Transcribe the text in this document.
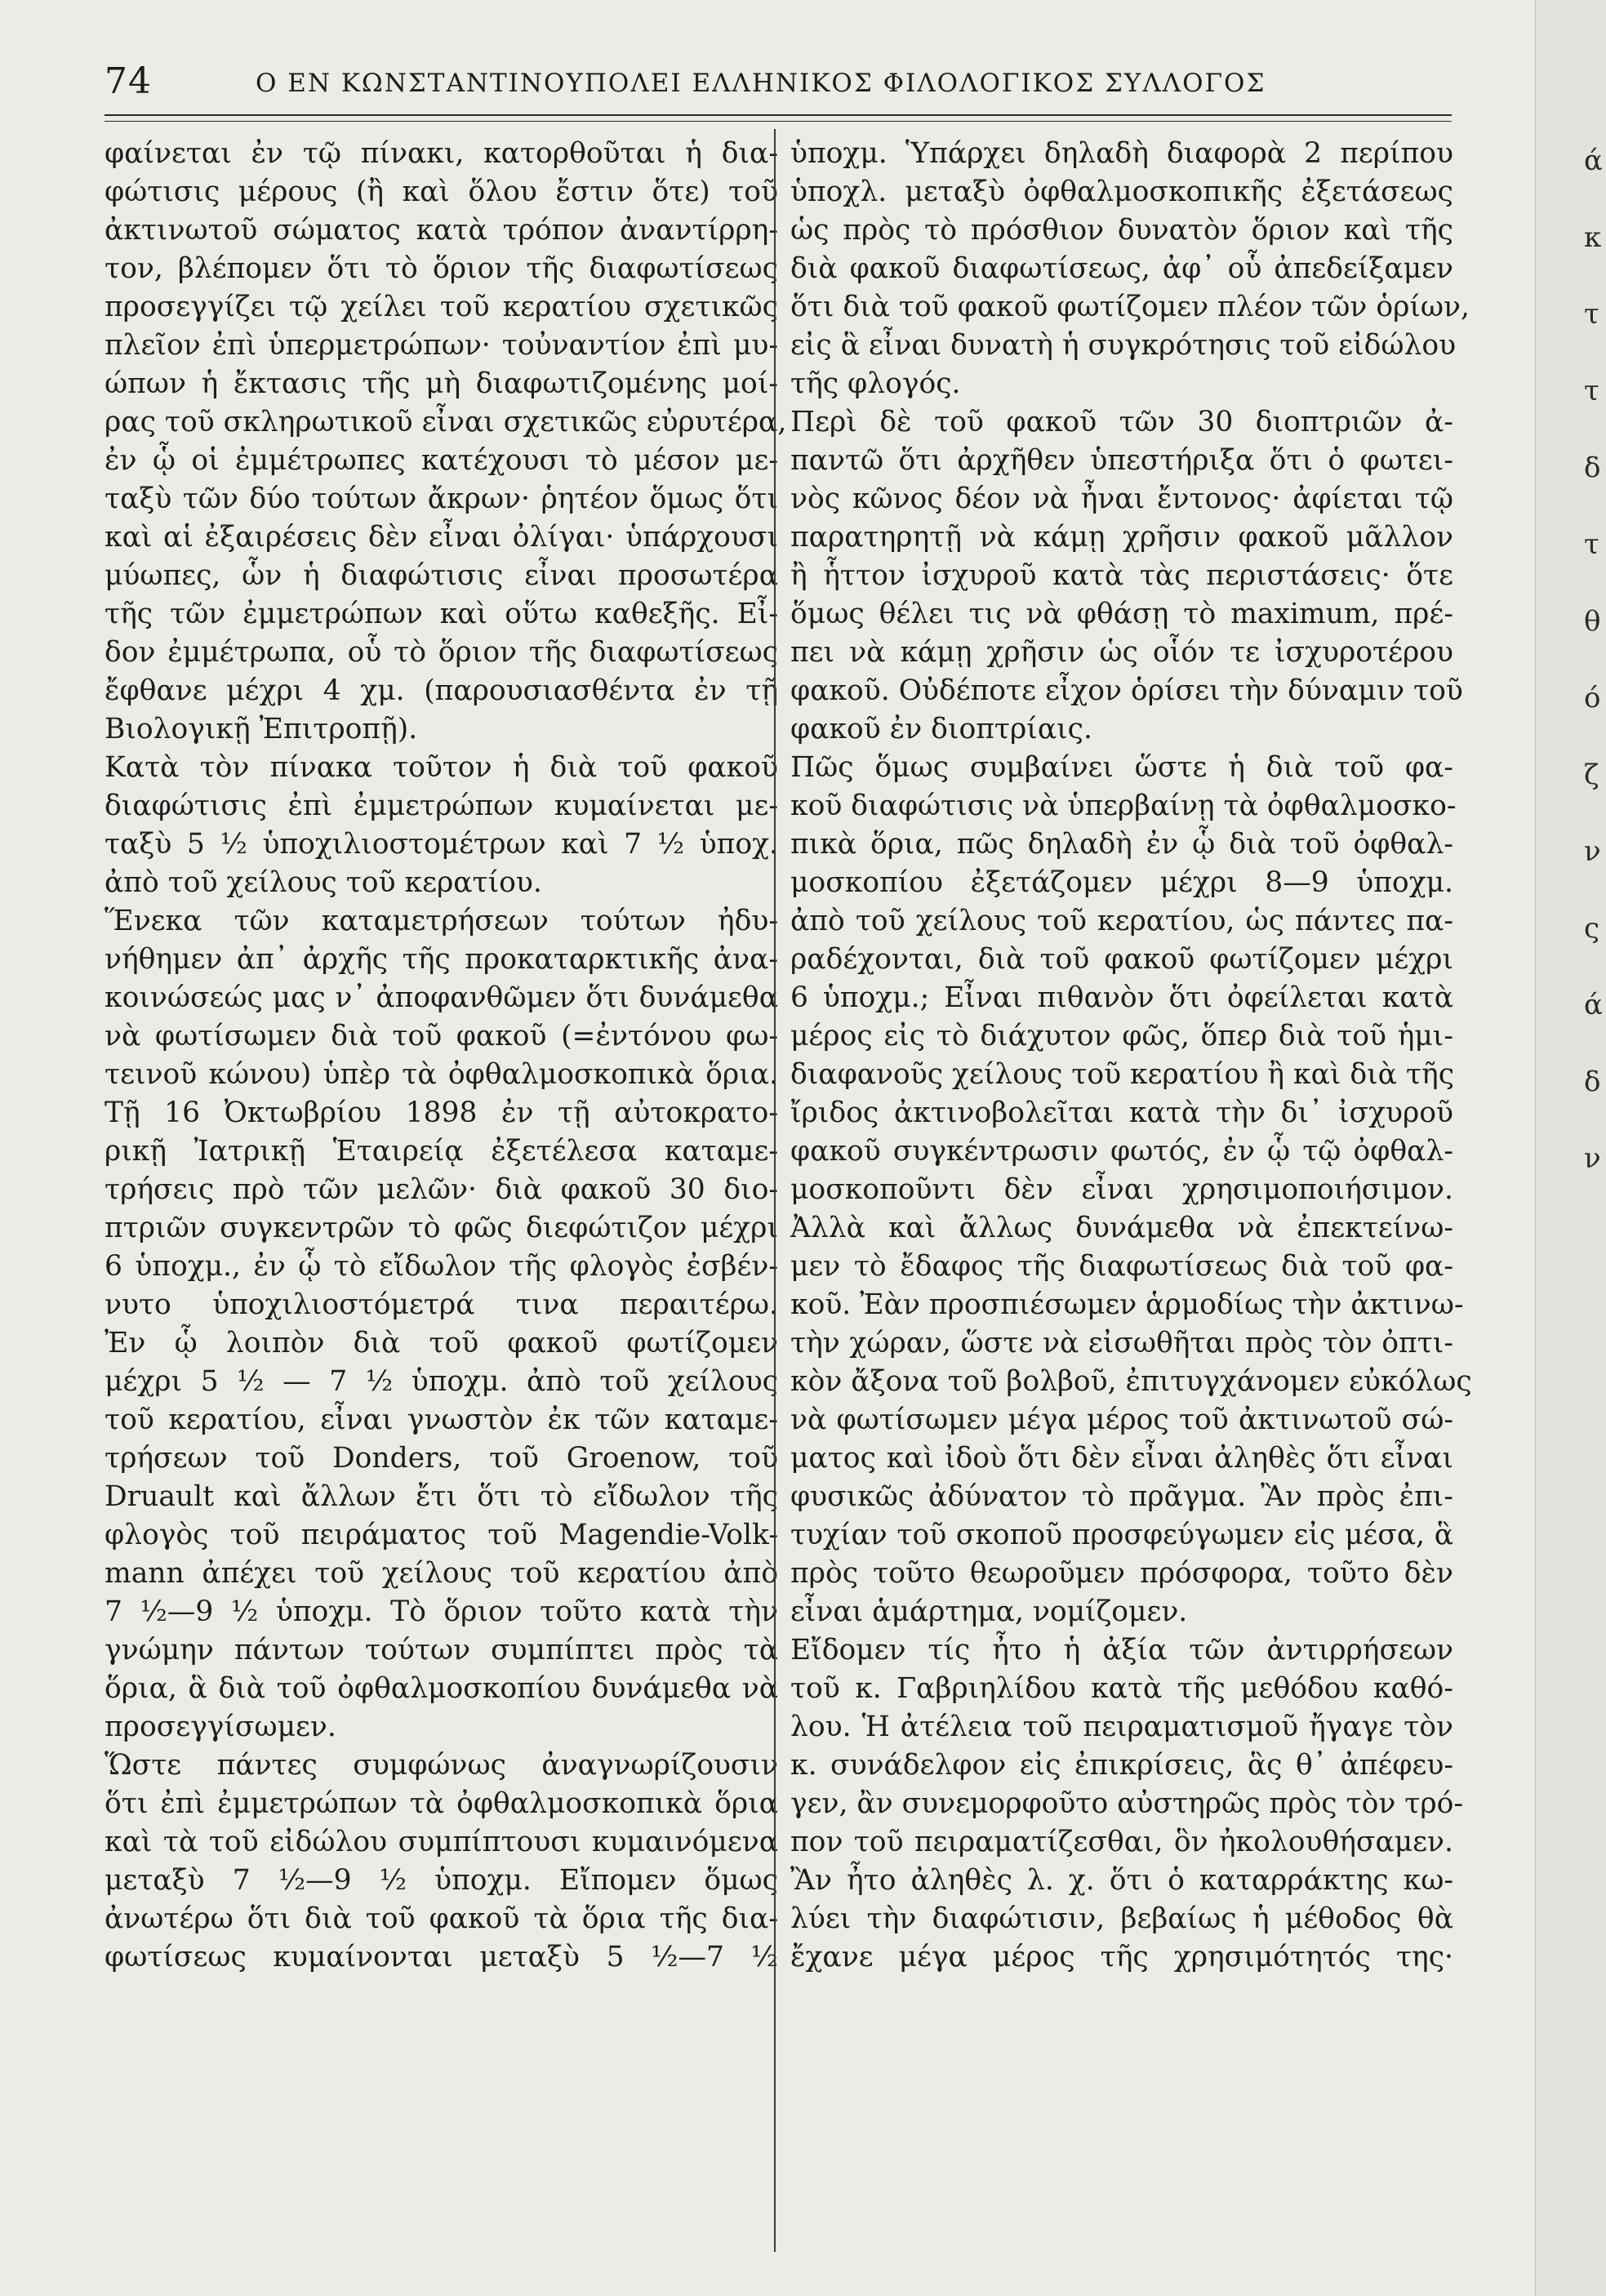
74	Ο ΕΝ ΚΩΝΣΤΑΝΤΙΝΟΥΠΟΛΕΙ ΕΛΛΗΝΙΚΟΣ ΦΙΛΟΛΟΓΙΚΟΣ ΣΥΛΛΟΓΟΣ
φαίνεται ἐν τῷ πίνακι, κατορθοῦται ἡ δια-
φώτισις μέρους (ἢ καὶ ὅλου ἔστιν ὅτε) τοῦ
ἀκτινωτοῦ σώματος κατὰ τρόπον ἀναντίρρη-
τον, βλέπομεν ὅτι τὸ ὅριον τῆς διαφωτίσεως
προσεγγίζει τῷ χείλει τοῦ κερατίου σχετικῶς
πλεῖον ἐπὶ ὑπερμετρώπων· τοὐναντίον ἐπὶ μυ-
ώπων ἡ ἔκτασις τῆς μὴ διαφωτιζομένης μοί-
ρας τοῦ σκληρωτικοῦ εἶναι σχετικῶς εὐρυτέρα,
ἐν ᾧ οἱ ἐμμέτρωπες κατέχουσι τὸ μέσον με-
ταξὺ τῶν δύο τούτων ἄκρων· ῥητέον ὅμως ὅτι
καὶ αἱ ἐξαιρέσεις δὲν εἶναι ὀλίγαι· ὑπάρχουσι
μύωπες, ὧν ἡ διαφώτισις εἶναι προσωτέρα
τῆς τῶν ἐμμετρώπων καὶ οὕτω καθεξῆς. Εἶ-
δον ἐμμέτρωπα, οὗ τὸ ὅριον τῆς διαφωτίσεως
ἔφθανε μέχρι 4 χμ. (παρουσιασθέντα ἐν τῇ
Βιολογικῇ Ἐπιτροπῇ).
Κατὰ τὸν πίνακα τοῦτον ἡ διὰ τοῦ φακοῦ
διαφώτισις ἐπὶ ἐμμετρώπων κυμαίνεται με-
ταξὺ 5 ½ ὑποχιλιοστομέτρων καὶ 7 ½ ὑποχ.
ἀπὸ τοῦ χείλους τοῦ κερατίου.
Ἕνεκα τῶν καταμετρήσεων τούτων ἠδυ-
νήθημεν ἀπ᾽ ἀρχῆς τῆς προκαταρκτικῆς ἀνα-
κοινώσεώς μας ν᾽ ἀποφανθῶμεν ὅτι δυνάμεθα
νὰ φωτίσωμεν διὰ τοῦ φακοῦ (=ἐντόνου φω-
τεινοῦ κώνου) ὑπὲρ τὰ ὀφθαλμοσκοπικὰ ὅρια.
Τῇ 16 Ὀκτωβρίου 1898 ἐν τῇ αὐτοκρατο-
ρικῇ Ἰατρικῇ Ἑταιρείᾳ ἐξετέλεσα καταμε-
τρήσεις πρὸ τῶν μελῶν· διὰ φακοῦ 30 διο-
πτριῶν συγκεντρῶν τὸ φῶς διεφώτιζον μέχρι
6 ὑποχμ., ἐν ᾧ τὸ εἴδωλον τῆς φλογὸς ἐσβέν-
νυτο ὑποχιλιοστόμετρά τινα περαιτέρω.
Ἐν ᾧ λοιπὸν διὰ τοῦ φακοῦ φωτίζομεν
μέχρι 5 ½ — 7 ½ ὑποχμ. ἀπὸ τοῦ χείλους
τοῦ κερατίου, εἶναι γνωστὸν ἐκ τῶν καταμε-
τρήσεων τοῦ Donders, τοῦ Groenow, τοῦ
Druault καὶ ἄλλων ἔτι ὅτι τὸ εἴδωλον τῆς
φλογὸς τοῦ πειράματος τοῦ Magendie-Volk-
mann ἀπέχει τοῦ χείλους τοῦ κερατίου ἀπὸ
7 ½—9 ½ ὑποχμ. Τὸ ὅριον τοῦτο κατὰ τὴν
γνώμην πάντων τούτων συμπίπτει πρὸς τὰ
ὅρια, ἃ διὰ τοῦ ὀφθαλμοσκοπίου δυνάμεθα νὰ
προσεγγίσωμεν.
Ὥστε πάντες συμφώνως ἀναγνωρίζουσιν
ὅτι ἐπὶ ἐμμετρώπων τὰ ὀφθαλμοσκοπικὰ ὅρια
καὶ τὰ τοῦ εἰδώλου συμπίπτουσι κυμαινόμενα
μεταξὺ 7 ½—9 ½ ὑποχμ. Εἴπομεν ὅμως
ἀνωτέρω ὅτι διὰ τοῦ φακοῦ τὰ ὅρια τῆς δια-
φωτίσεως κυμαίνονται μεταξὺ 5 ½—7 ½
ὑποχμ. Ὑπάρχει δηλαδὴ διαφορὰ 2 περίπου
ὑποχλ. μεταξὺ ὀφθαλμοσκοπικῆς ἐξετάσεως
ὡς πρὸς τὸ πρόσθιον δυνατὸν ὅριον καὶ τῆς
διὰ φακοῦ διαφωτίσεως, ἀφ᾽ οὗ ἀπεδείξαμεν
ὅτι διὰ τοῦ φακοῦ φωτίζομεν πλέον τῶν ὁρίων,
εἰς ἃ εἶναι δυνατὴ ἡ συγκρότησις τοῦ εἰδώλου
τῆς φλογός.
Περὶ δὲ τοῦ φακοῦ τῶν 30 διοπτριῶν ἀ-
παντῶ ὅτι ἀρχῆθεν ὑπεστήριξα ὅτι ὁ φωτει-
νὸς κῶνος δέον νὰ ἦναι ἔντονος· ἀφίεται τῷ
παρατηρητῇ νὰ κάμῃ χρῆσιν φακοῦ μᾶλλον
ἢ ἧττον ἰσχυροῦ κατὰ τὰς περιστάσεις· ὅτε
ὅμως θέλει τις νὰ φθάσῃ τὸ maximum, πρέ-
πει νὰ κάμῃ χρῆσιν ὡς οἷόν τε ἰσχυροτέρου
φακοῦ. Οὐδέποτε εἶχον ὁρίσει τὴν δύναμιν τοῦ
φακοῦ ἐν διοπτρίαις.
Πῶς ὅμως συμβαίνει ὥστε ἡ διὰ τοῦ φα-
κοῦ διαφώτισις νὰ ὑπερβαίνῃ τὰ ὀφθαλμοσκο-
πικὰ ὅρια, πῶς δηλαδὴ ἐν ᾧ διὰ τοῦ ὀφθαλ-
μοσκοπίου ἐξετάζομεν μέχρι 8—9 ὑποχμ.
ἀπὸ τοῦ χείλους τοῦ κερατίου, ὡς πάντες πα-
ραδέχονται, διὰ τοῦ φακοῦ φωτίζομεν μέχρι
6 ὑποχμ.; Εἶναι πιθανὸν ὅτι ὀφείλεται κατὰ
μέρος εἰς τὸ διάχυτον φῶς, ὅπερ διὰ τοῦ ἡμι-
διαφανοῦς χείλους τοῦ κερατίου ἢ καὶ διὰ τῆς
ἴριδος ἀκτινοβολεῖται κατὰ τὴν δι᾽ ἰσχυροῦ
φακοῦ συγκέντρωσιν φωτός, ἐν ᾧ τῷ ὀφθαλ-
μοσκοποῦντι δὲν εἶναι χρησιμοποιήσιμον.
Ἀλλὰ καὶ ἄλλως δυνάμεθα νὰ ἐπεκτείνω-
μεν τὸ ἔδαφος τῆς διαφωτίσεως διὰ τοῦ φα-
κοῦ. Ἐὰν προσπιέσωμεν ἁρμοδίως τὴν ἀκτινω-
τὴν χώραν, ὥστε νὰ εἰσωθῆται πρὸς τὸν ὀπτι-
κὸν ἄξονα τοῦ βολβοῦ, ἐπιτυγχάνομεν εὐκόλως
νὰ φωτίσωμεν μέγα μέρος τοῦ ἀκτινωτοῦ σώ-
ματος καὶ ἰδοὺ ὅτι δὲν εἶναι ἀληθὲς ὅτι εἶναι
φυσικῶς ἀδύνατον τὸ πρᾶγμα. Ἂν πρὸς ἐπι-
τυχίαν τοῦ σκοποῦ προσφεύγωμεν εἰς μέσα, ἃ
πρὸς τοῦτο θεωροῦμεν πρόσφορα, τοῦτο δὲν
εἶναι ἁμάρτημα, νομίζομεν.
Εἴδομεν τίς ἦτο ἡ ἀξία τῶν ἀντιρρήσεων
τοῦ κ. Γαβριηλίδου κατὰ τῆς μεθόδου καθό-
λου. Ἡ ἀτέλεια τοῦ πειραματισμοῦ ἤγαγε τὸν
κ. συνάδελφον εἰς ἐπικρίσεις, ἃς θ᾽ ἀπέφευ-
γεν, ἂν συνεμορφοῦτο αὐστηρῶς πρὸς τὸν τρό-
πον τοῦ πειραματίζεσθαι, ὃν ἠκολουθήσαμεν.
Ἂν ἦτο ἀληθὲς λ. χ. ὅτι ὁ καταρράκτης κω-
λύει τὴν διαφώτισιν, βεβαίως ἡ μέθοδος θὰ
ἔχανε μέγα μέρος τῆς χρησιμότητός της·
ά
κ
τ
τ
δ
τ
θ
ό
ζ
ν
ς
ά
δ
ν
